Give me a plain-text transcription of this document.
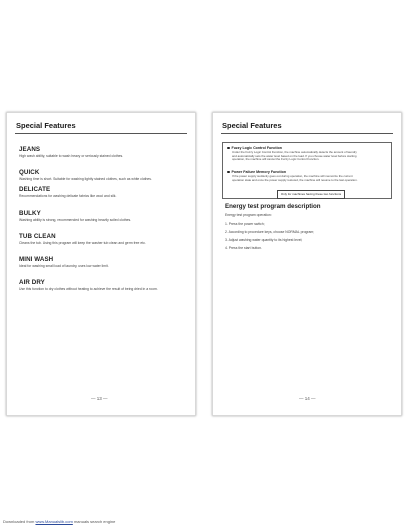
Special Features

JEANS

High wash ability, suitable to wash heavy or seriously stained clothes.

QUICK

Washing time is short. Suitable for washing lightly stained clothes, such as white clothes.

DELICATE

Recommendations for washing delicate fabrics like wool and silk.

BULKY

Washing ability is strong, recommended for washing heavily soiled clothes.

TUB CLEAN

Cleans the tub. Using this program will keep the washer tub clean and germ free etc.

MINI WASH

Ideal for washing small load of laundry, uses low water limit.

AIR DRY

Use this function to dry clothes without heating to achieve the result of being dried in a room.

— 13 —
Special Features

Fuzzy Logic Control Function

Under the Fuzzy Logic Control Function, the machine automatically detects the amount of laundry

and automatically sets the water level based on the load. If you choose water level before starting

operation, the machine will cancel the Fuzzy Logic Control Function.

Power Failure Memory Function

If the power supply suddenly goes out during operation, the machine will memorize the current

operation state and once the power supply restored, the machine will resume to the last operation.

Only for machines having these two functions
Energy test program description
Energy test program operation:
1. Press the power switch;
2. According to procedure keys, choose NORMAL program;
3. Adjust washing water quantity to its highest level;
4. Press the start button.
— 14 —
Downloaded from www.Manualslib.com manuals search engine
